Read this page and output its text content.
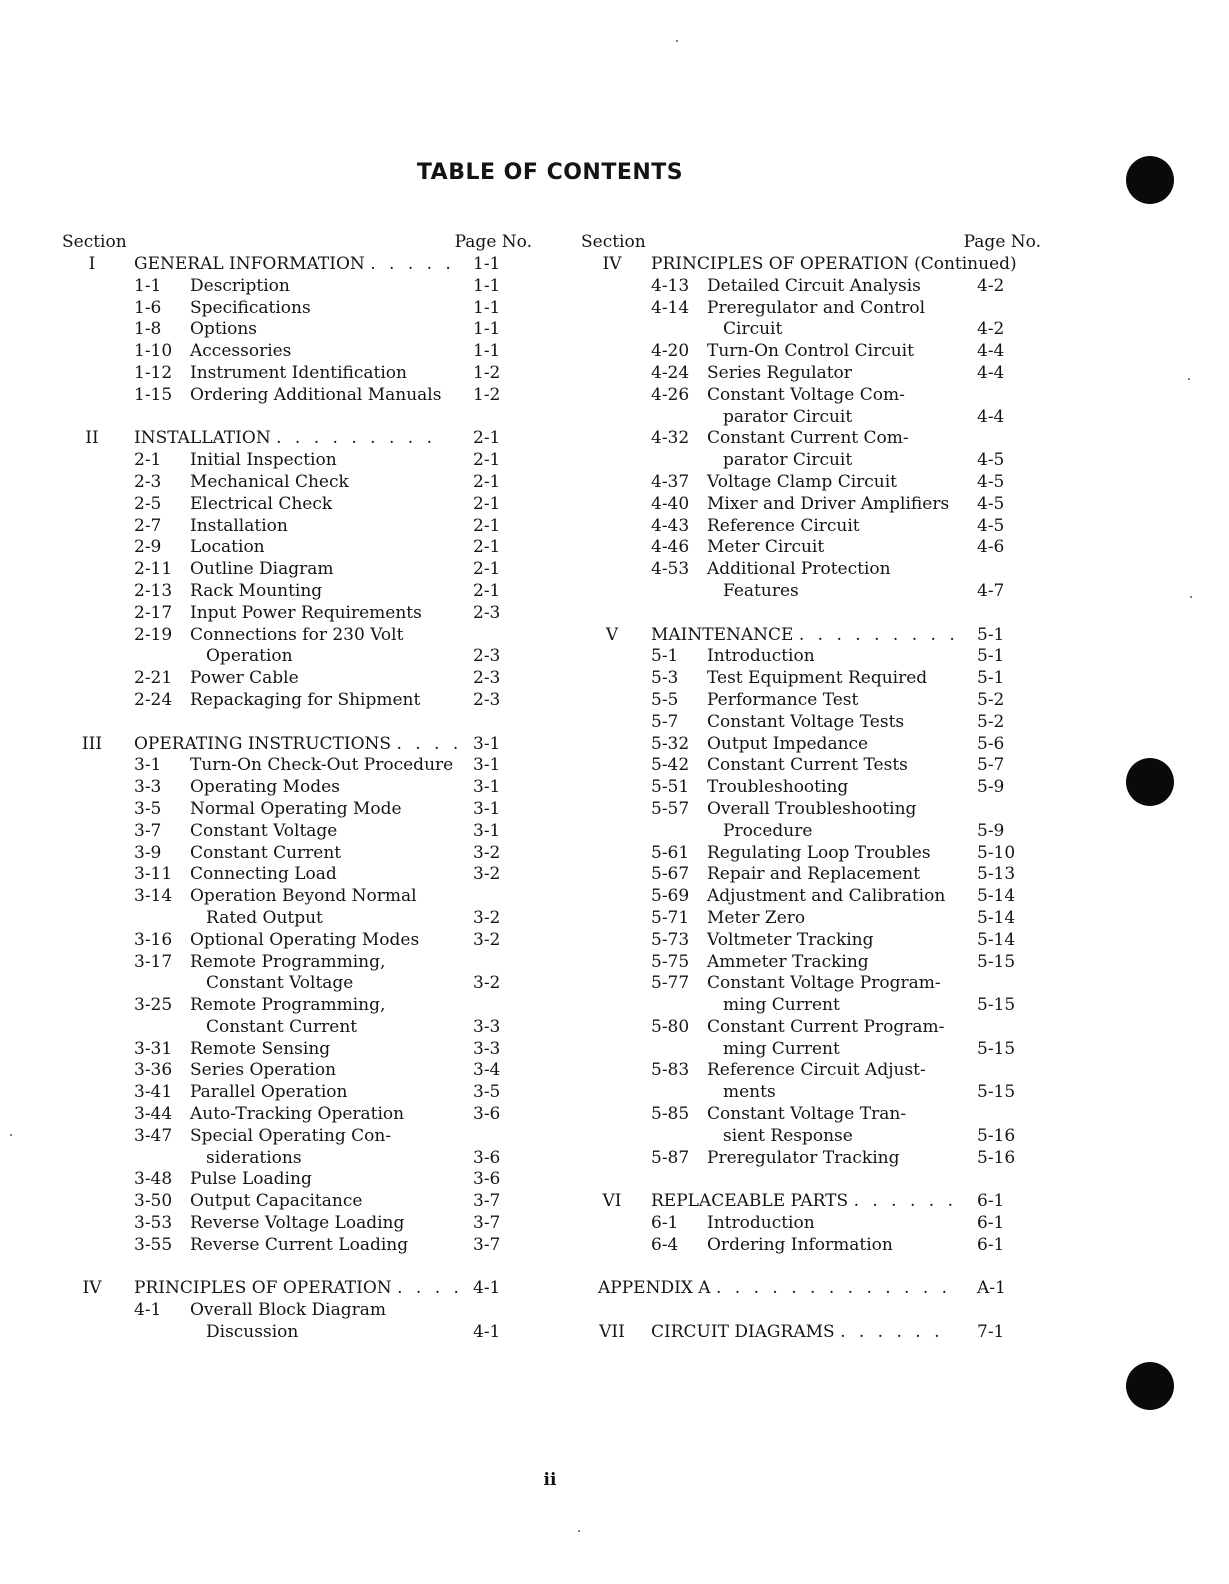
TABLE OF CONTENTS
Section	Page No.
I	GENERAL INFORMATION . . . . . 1-1
1-1 Description	1-1
1-6 Specifications	1-1
1-8 Options	1-1
1-10 Accessories	1-1
1-12 Instrument Identification	1-2
1-15 Ordering Additional Manuals 1-2
II	INSTALLATION . . . . . . . . . 2-1
2-1 Initial Inspection	2-1
2-3 Mechanical Check	2-1
2-5 Electrical Check	2-1
2-7 Installation	2-1
2-9 Location	2-1
2-11 Outline Diagram	2-1
2-13 Rack Mounting	2-1
2-17 Input Power Requirements	2-3
2-19 Connections for 230 Volt
Operation	2-3
2-21 Power Cable	2-3
2-24 Repackaging for Shipment	2-3
III	OPERATING INSTRUCTIONS . . . . 3-1
3-1 Turn-On Check-Out Procedure 3-1
3-3 Operating Modes	3-1
3-5 Normal Operating Mode	3-1
3-7 Constant Voltage	3-1
3-9 Constant Current	3-2
3-11 Connecting Load	3-2
3-14 Operation Beyond Normal
Rated Output	3-2
3-16 Optional Operating Modes	3-2
3-17 Remote Programming,
Constant Voltage	3-2
3-25 Remote Programming,
Constant Current	3-3
3-31 Remote Sensing	3-3
3-36 Series Operation	3-4
3-41 Parallel Operation	3-5
3-44 Auto-Tracking Operation	3-6
3-47 Special Operating Con-
siderations	3-6
3-48 Pulse Loading	3-6
3-50 Output Capacitance	3-7
3-53 Reverse Voltage Loading	3-7
3-55 Reverse Current Loading	3-7
IV	PRINCIPLES OF OPERATION . . . . 4-1
4-1 Overall Block Diagram
Discussion	4-1
Section	Page No.
IV	PRINCIPLES OF OPERATION (Continued)
4-13 Detailed Circuit Analysis	4-2
4-14 Preregulator and Control
Circuit	4-2
4-20 Turn-On Control Circuit	4-4
4-24 Series Regulator	4-4
4-26 Constant Voltage Com-
parator Circuit	4-4
4-32 Constant Current Com-
parator Circuit	4-5
4-37 Voltage Clamp Circuit	4-5
4-40 Mixer and Driver Amplifiers 4-5
4-43 Reference Circuit	4-5
4-46 Meter Circuit	4-6
4-53 Additional Protection
Features	4-7
V	MAINTENANCE . . . . . . . . . 5-1
5-1 Introduction	5-1
5-3 Test Equipment Required	5-1
5-5 Performance Test	5-2
5-7 Constant Voltage Tests	5-2
5-32 Output Impedance	5-6
5-42 Constant Current Tests	5-7
5-51 Troubleshooting	5-9
5-57 Overall Troubleshooting
Procedure	5-9
5-61 Regulating Loop Troubles	5-10
5-67 Repair and Replacement	5-13
5-69 Adjustment and Calibration 5-14
5-71 Meter Zero	5-14
5-73 Voltmeter Tracking	5-14
5-75 Ammeter Tracking	5-15
5-77 Constant Voltage Program-
ming Current	5-15
5-80 Constant Current Program-
ming Current	5-15
5-83 Reference Circuit Adjust-
ments	5-15
5-85 Constant Voltage Tran-
sient Response	5-16
5-87 Preregulator Tracking	5-16
VI	REPLACEABLE PARTS . . . . . . 6-1
6-1 Introduction	6-1
6-4 Ordering Information	6-1
APPENDIX A . . . . . . . . . . . . . A-1
VII	CIRCUIT DIAGRAMS . . . . . . 7-1
ii
